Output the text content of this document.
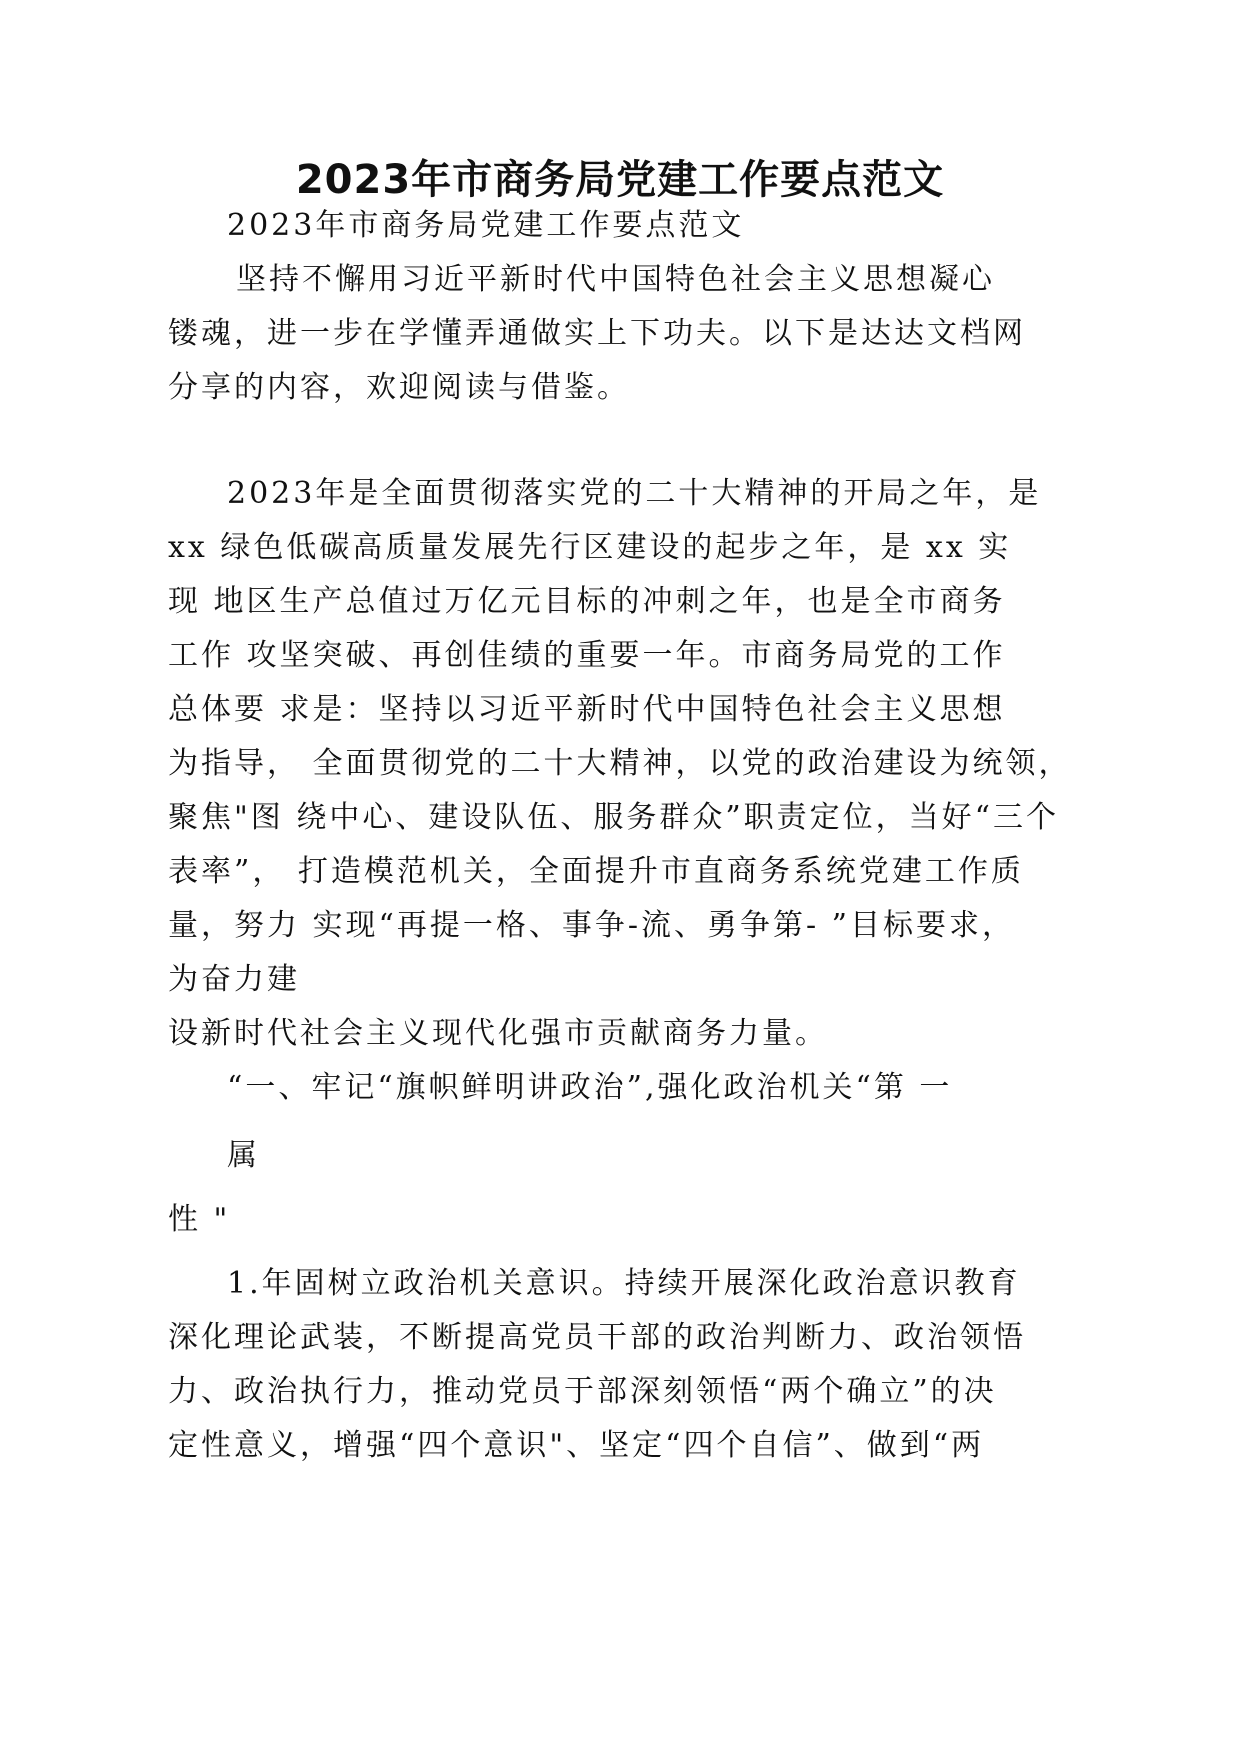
2023年市商务局党建工作要点范文

2023年市商务局党建工作要点范文

坚持不懈用习近平新时代中国特色社会主义思想凝心

镂魂，进一步在学懂弄通做实上下功夫。以下是达达文档网

分享的内容，欢迎阅读与借鉴。

2023年是全面贯彻落实党的二十大精神的开局之年，是

xx 绿色低碳高质量发展先行区建设的起步之年，是 xx 实

现 地区生产总值过万亿元目标的冲刺之年，也是全市商务

工作 攻坚突破、再创佳绩的重要一年。市商务局党的工作

总体要 求是：坚持以习近平新时代中国特色社会主义思想

为指导， 全面贯彻党的二十大精神，以党的政治建设为统领，

聚焦"图 绕中心、建设队伍、服务群众”职责定位，当好“三个

表率”， 打造模范机关，全面提升市直商务系统党建工作质

量，努力 实现“再提一格、事争-流、勇争第- ”目标要求，

为奋力建

设新时代社会主义现代化强市贡献商务力量。

“一、牢记“旗帜鲜明讲政治”,强化政治机关“第 一

属

性 "

1.年固树立政治机关意识。持续开展深化政治意识教育

深化理论武装，不断提高党员干部的政治判断力、政治领悟

力、政治执行力，推动党员于部深刻领悟“两个确立”的决

定性意义，增强“四个意识"、坚定“四个自信”、做到“两
